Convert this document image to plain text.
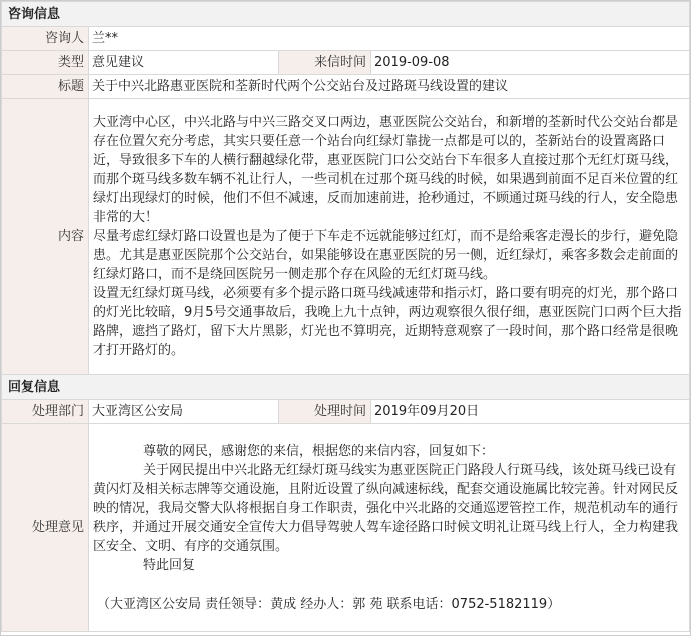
咨询信息			
咨询人	兰**		
类型	意见建议	来信时间	2019-09-08
标题	关于中兴北路惠亚医院和荃新时代两个公交站台及过路斑马线设置的建议		
内容	大亚湾中心区，中兴北路与中兴三路交叉口两边，惠亚医院公交站台，和新增的荃新时代公交站台都是存在位置欠充分考虑，其实只要任意一个站台向红绿灯靠拢一点都是可以的，荃新站台的设置离路口近，导致很多下车的人横行翻越绿化带，惠亚医院门口公交站台下车很多人直接过那个无红灯斑马线，而那个斑马线多数车辆不礼让行人，一些司机在过那个斑马线的时候，如果遇到前面不足百米位置的红绿灯出现绿灯的时候，他们不但不减速，反而加速前进，抢秒通过，不顾通过斑马线的行人，安全隐患非常的大！

尽量考虑红绿灯路口设置也是为了便于下车走不远就能够过红灯，而不是给乘客走漫长的步行，避免隐患。尤其是惠亚医院那个公交站台，如果能够设在惠亚医院的另一侧，近红绿灯，乘客多数会走前面的红绿灯路口，而不是绕回医院另一侧走那个存在风险的无红灯斑马线。

设置无红绿灯斑马线，必须要有多个提示路口斑马线减速带和指示灯，路口要有明亮的灯光，那个路口的灯光比较暗，9月5号交通事故后，我晚上九十点钟，两边观察很久很仔细，惠亚医院门口两个巨大指路牌，遮挡了路灯，留下大片黑影，灯光也不算明亮，近期特意观察了一段时间，那个路口经常是很晚才打开路灯的。		

回复信息			
处理部门	大亚湾区公安局	处理时间	2019年09月20日
处理意见	尊敬的网民，感谢您的来信，根据您的来信内容，回复如下：

关于网民提出中兴北路无红绿灯斑马线实为惠亚医院正门路段人行斑马线，该处斑马线已设有黄闪灯及相关标志牌等交通设施，且附近设置了纵向减速标线，配套交通设施属比较完善。针对网民反映的情况，我局交警大队将根据自身工作职责，强化中兴北路的交通巡逻管控工作，规范机动车的通行秩序，并通过开展交通安全宣传大力倡导驾驶人驾车途径路口时候文明礼让斑马线上行人，全力构建我区安全、文明、有序的交通氛围。

特此回复

（大亚湾区公安局 责任领导：黄成 经办人：郭 苑 联系电话：0752-5182119）		
